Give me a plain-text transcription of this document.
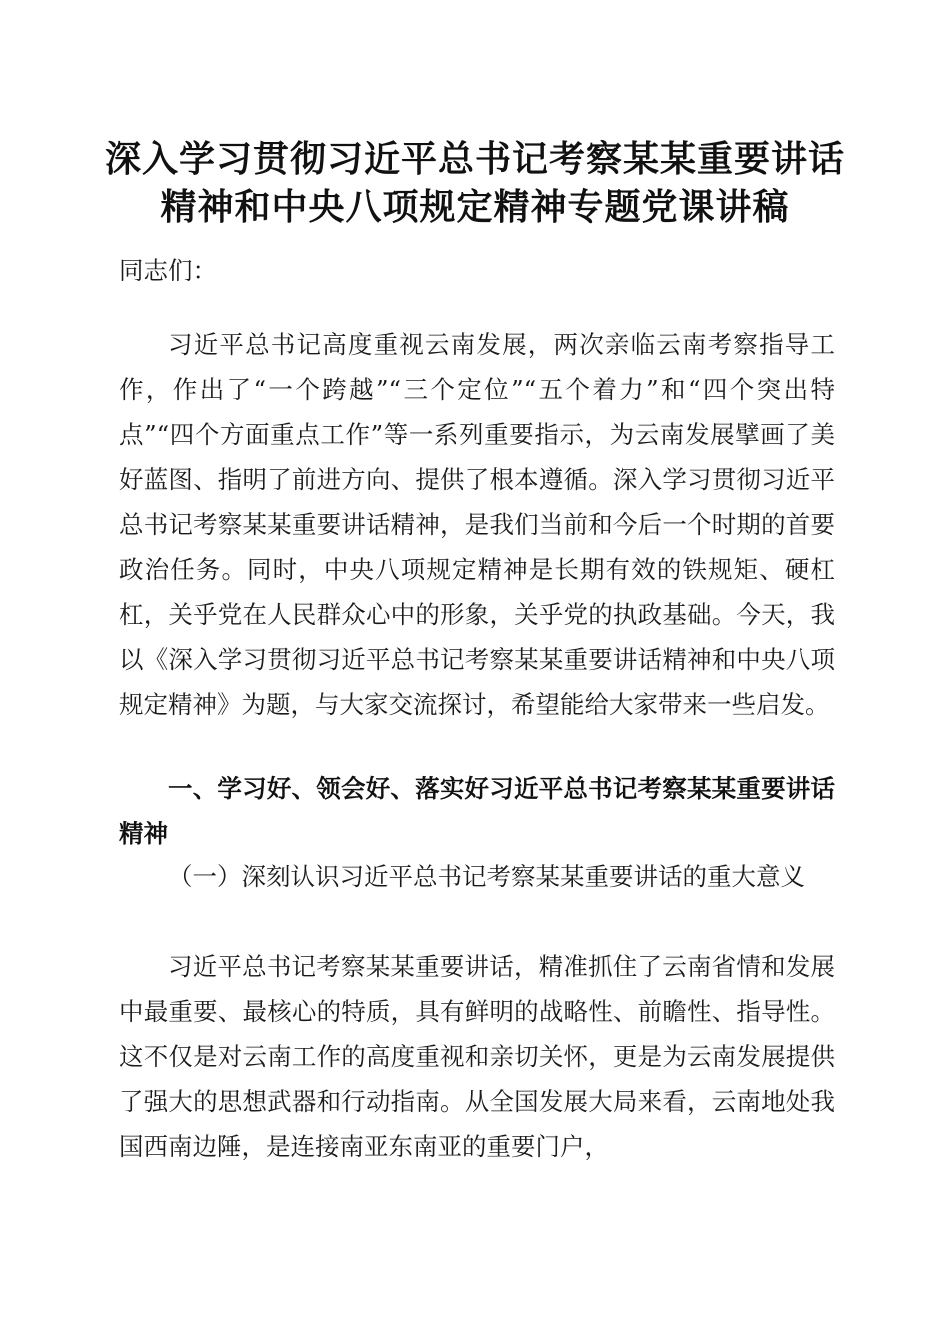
深入学习贯彻习近平总书记考察某某重要讲话
精神和中央八项规定精神专题党课讲稿
同志们：
习近平总书记高度重视云南发展，两次亲临云南考察指导工作，作出了“一个跨越”“三个定位”“五个着力”和“四个突出特点”“四个方面重点工作”等一系列重要指示，为云南发展擘画了美好蓝图、指明了前进方向、提供了根本遵循。深入学习贯彻习近平总书记考察某某重要讲话精神，是我们当前和今后一个时期的首要政治任务。同时，中央八项规定精神是长期有效的铁规矩、硬杠杠，关乎党在人民群众心中的形象，关乎党的执政基础。今天，我以《深入学习贯彻习近平总书记考察某某重要讲话精神和中央八项规定精神》为题，与大家交流探讨，希望能给大家带来一些启发。
一、学习好、领会好、落实好习近平总书记考察某某重要讲话精神
（一）深刻认识习近平总书记考察某某重要讲话的重大意义
习近平总书记考察某某重要讲话，精准抓住了云南省情和发展中最重要、最核心的特质，具有鲜明的战略性、前瞻性、指导性。这不仅是对云南工作的高度重视和亲切关怀，更是为云南发展提供了强大的思想武器和行动指南。从全国发展大局来看，云南地处我国西南边陲，是连接南亚东南亚的重要门户，
